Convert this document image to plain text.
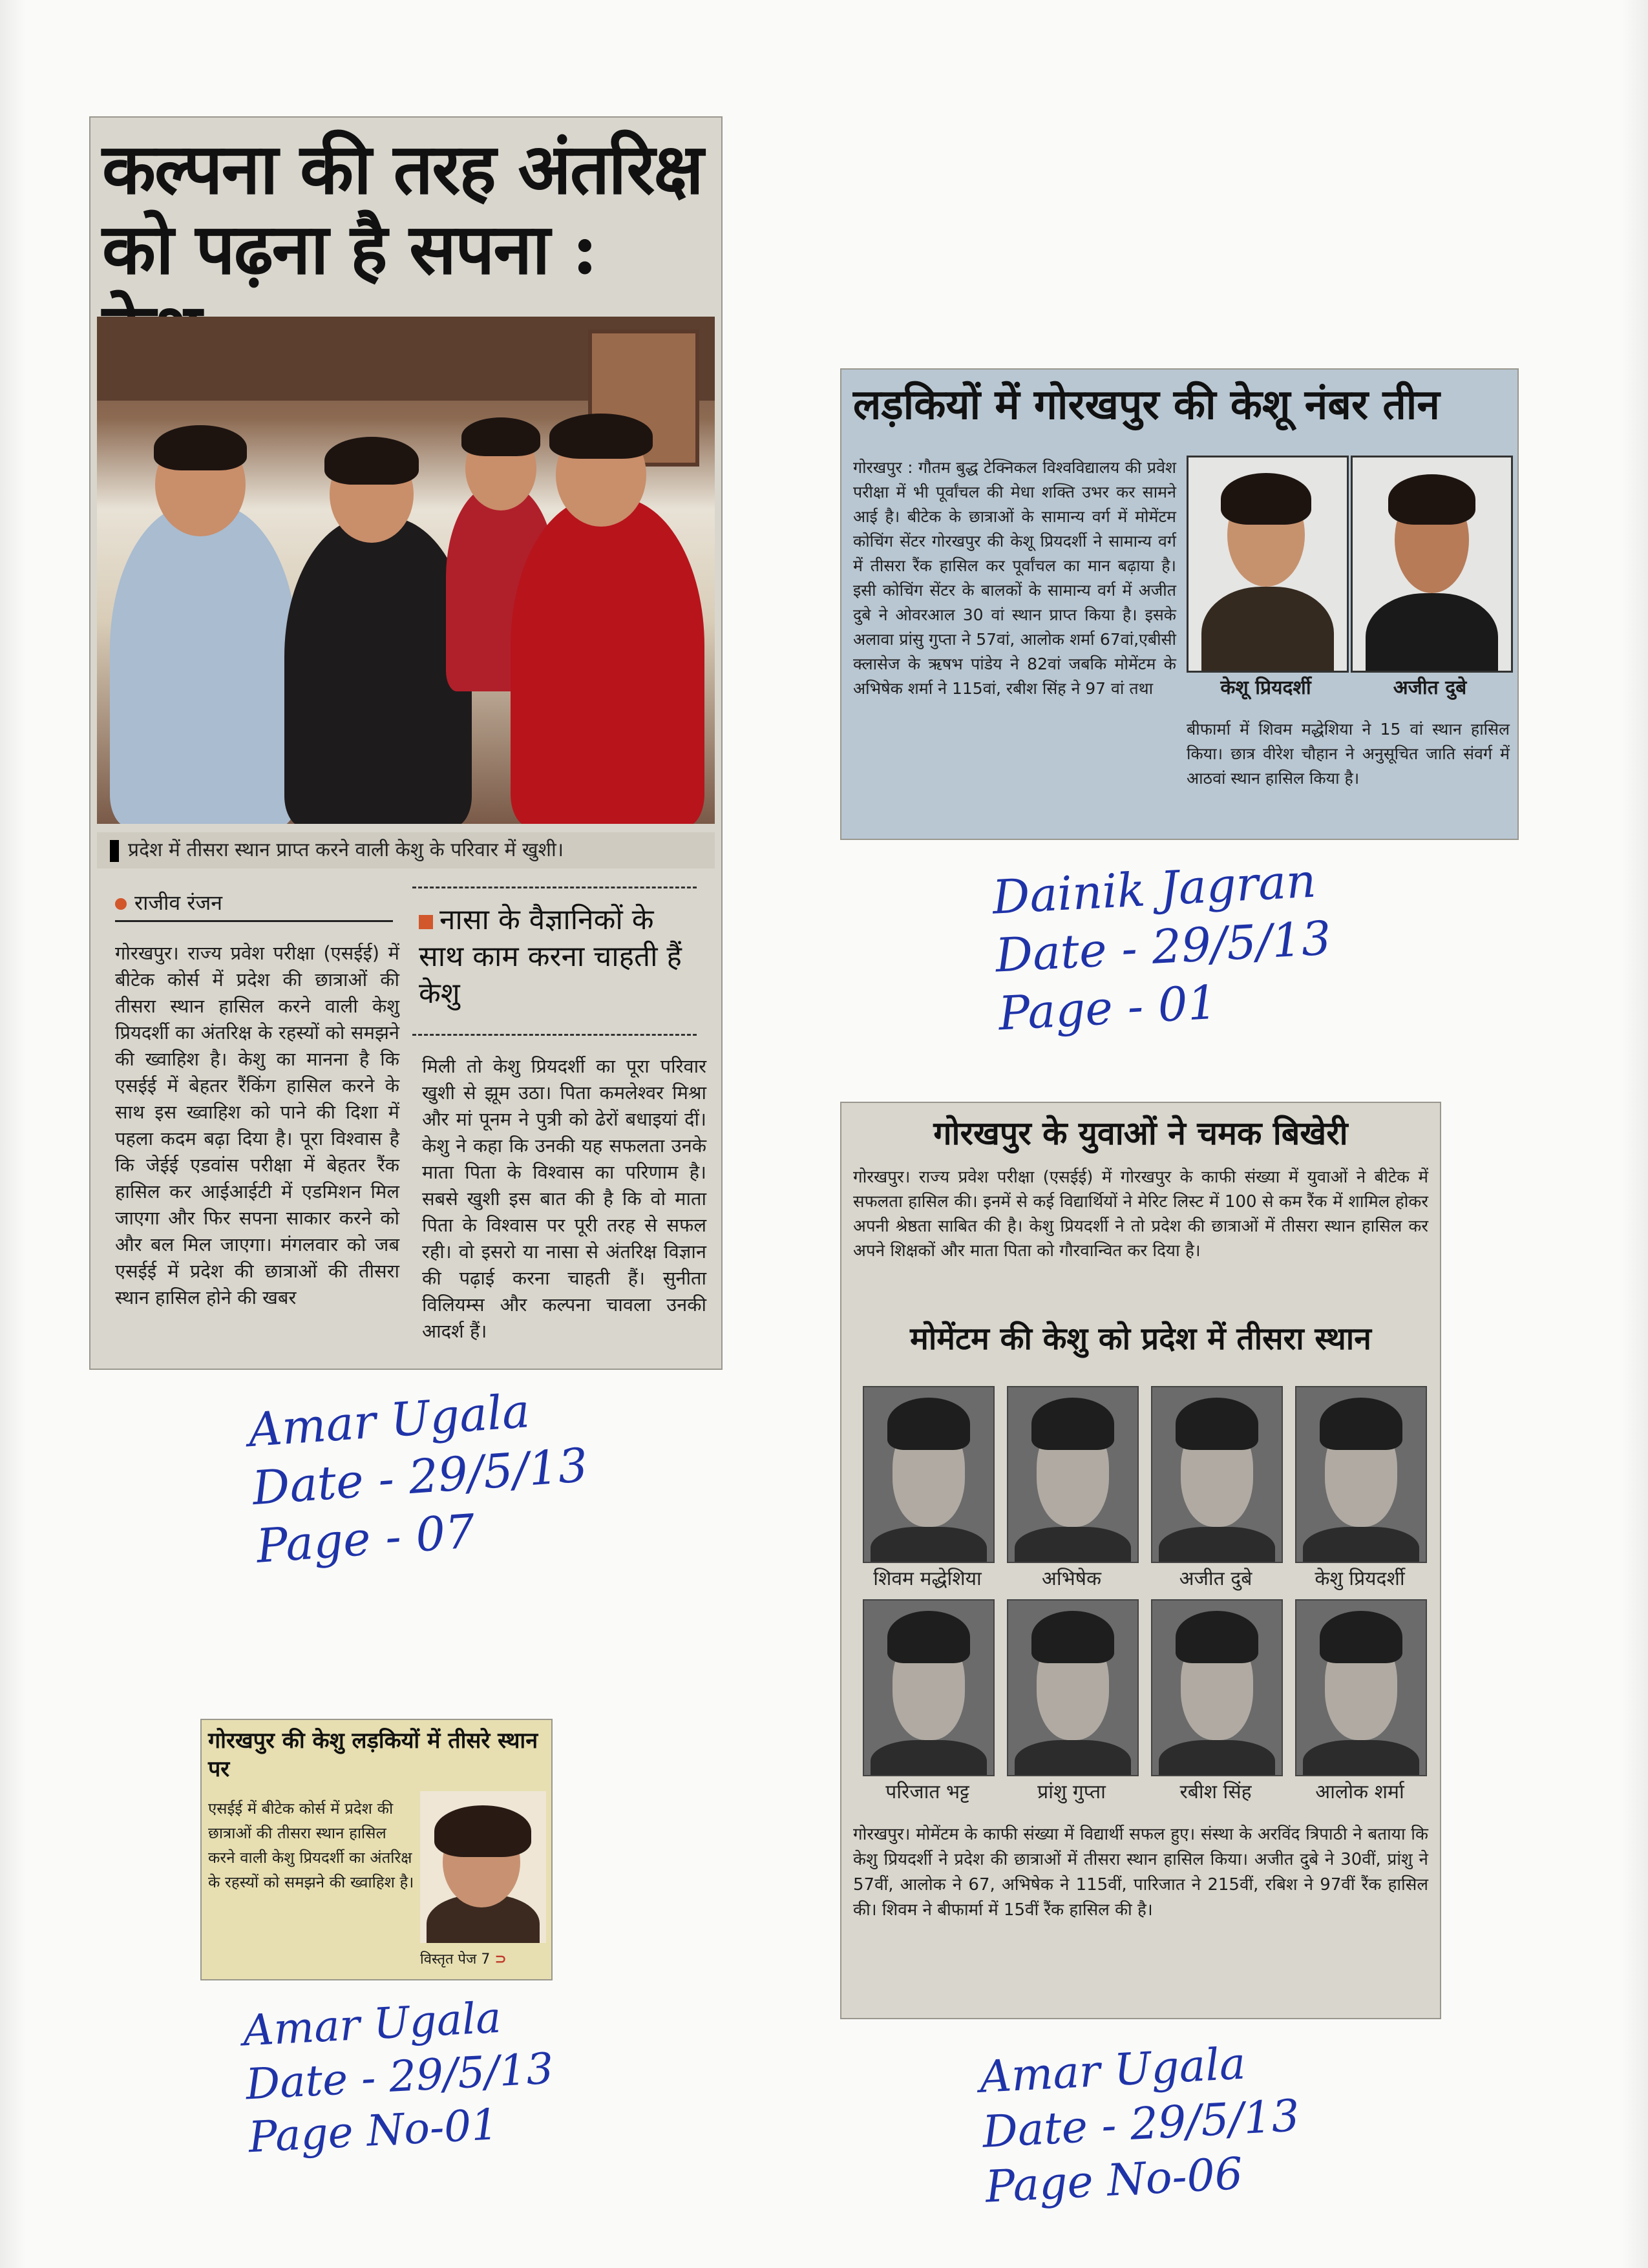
कल्पना की तरह अंतरिक्ष
को पढ़ना है सपना :
प्रदेश में तीसरा स्थान प्राप्त करने वाली केशु के परिवार में खुशी।
राजीव रंजन
नासा के वैज्ञानिकों के साथ काम करना चाहती हैं केशु
गोरखपुर। राज्य प्रवेश परीक्षा (एसईई) में बीटेक कोर्स में प्रदेश की छात्राओं की तीसरा स्थान हासिल करने वाली केशु प्रियदर्शी का अंतरिक्ष के रहस्यों को समझने की ख्वाहिश है। केशु का मानना है कि एसईई में बेहतर रैंकिंग हासिल करने के साथ इस ख्वाहिश को पाने की दिशा में पहला कदम बढ़ा दिया है। पूरा विश्वास है कि जेईई एडवांस परीक्षा में बेहतर रैंक हासिल कर आईआईटी में एडमिशन मिल जाएगा और फिर सपना साकार करने को और बल मिल जाएगा। मंगलवार को जब एसईई में प्रदेश की छात्राओं की तीसरा स्थान हासिल होने की खबर
मिली तो केशु प्रियदर्शी का पूरा परिवार खुशी से झूम उठा। पिता कमलेश्वर मिश्रा और मां पूनम ने पुत्री को ढेरों बधाइयां दीं। केशु ने कहा कि उनकी यह सफलता उनके माता पिता के विश्वास का परिणाम है। सबसे खुशी इस बात की है कि वो माता पिता के विश्वास पर पूरी तरह से सफल रही। वो इसरो या नासा से अंतरिक्ष विज्ञान की पढ़ाई करना चाहती हैं। सुनीता विलियम्स और कल्पना चावला उनकी आदर्श हैं।
लड़कियों में गोरखपुर की केशू नंबर तीन
गोरखपुर : गौतम बुद्ध टेक्निकल विश्वविद्यालय की प्रवेश परीक्षा में भी पूर्वांचल की मेधा शक्ति उभर कर सामने आई है। बीटेक के छात्राओं के सामान्य वर्ग में मोमेंटम कोचिंग सेंटर गोरखपुर की केशू प्रियदर्शी ने सामान्य वर्ग में तीसरा रैंक हासिल कर पूर्वांचल का मान बढ़ाया है। इसी कोचिंग सेंटर के बालकों के सामान्य वर्ग में अजीत दुबे ने ओवरआल 30 वां स्थान प्राप्त किया है। इसके अलावा प्रांसु गुप्ता ने 57वां, आलोक शर्मा 67वां,एबीसी क्लासेज के ऋषभ पांडेय ने 82वां जबकि मोमेंटम के अभिषेक शर्मा ने 115वां, रबीश सिंह ने 97 वां तथा	केशू प्रियदर्शी	अजीत दुबे
बीफार्मा में शिवम मद्धेशिया ने 15 वां स्थान हासिल किया। छात्र वीरेश चौहान ने अनुसूचित जाति संवर्ग में आठवां स्थान हासिल किया है।
Dainik Jagran
Date - 29/5/13
Page - 01
गोरखपुर के युवाओं ने चमक बिखेरी
गोरखपुर। राज्य प्रवेश परीक्षा (एसईई) में गोरखपुर के काफी संख्या में युवाओं ने बीटेक में सफलता हासिल की। इनमें से कई विद्यार्थियों ने मेरिट लिस्ट में 100 से कम रैंक में शामिल होकर अपनी श्रेष्ठता साबित की है। केशु प्रियदर्शी ने तो प्रदेश की छात्राओं में तीसरा स्थान हासिल कर अपने शिक्षकों और माता पिता को गौरवान्वित कर दिया है।
मोमेंटम की केशु को प्रदेश में तीसरा स्थान
शिवम मद्धेशिया	अभिषेक	अजीत दुबे	केशु प्रियदर्शी
परिजात भट्ट	प्रांशु गुप्ता	रबीश सिंह	आलोक शर्मा
गोरखपुर। मोमेंटम के काफी संख्या में विद्यार्थी सफल हुए। संस्था के अरविंद त्रिपाठी ने बताया कि केशु प्रियदर्शी ने प्रदेश की छात्राओं में तीसरा स्थान हासिल किया। अजीत दुबे ने 30वीं, प्रांशु ने 57वीं, आलोक ने 67, अभिषेक ने 115वीं, पारिजात ने 215वीं, रबिश ने 97वीं रैंक हासिल की। शिवम ने बीफार्मा में 15वीं रैंक हासिल की है।
Amar Ugala
Date - 29/5/13
Page - 07
गोरखपुर की केशु लड़कियों में तीसरे स्थान पर
एसईई में बीटेक कोर्स में प्रदेश की छात्राओं की तीसरा स्थान हासिल करने वाली केशु प्रियदर्शी का अंतरिक्ष के रहस्यों को समझने की ख्वाहिश है।
विस्तृत पेज 7 ⊃
Amar Ugala
Date - 29/5/13
Page No-01
Amar Ugala
Date - 29/5/13
Page No-06
